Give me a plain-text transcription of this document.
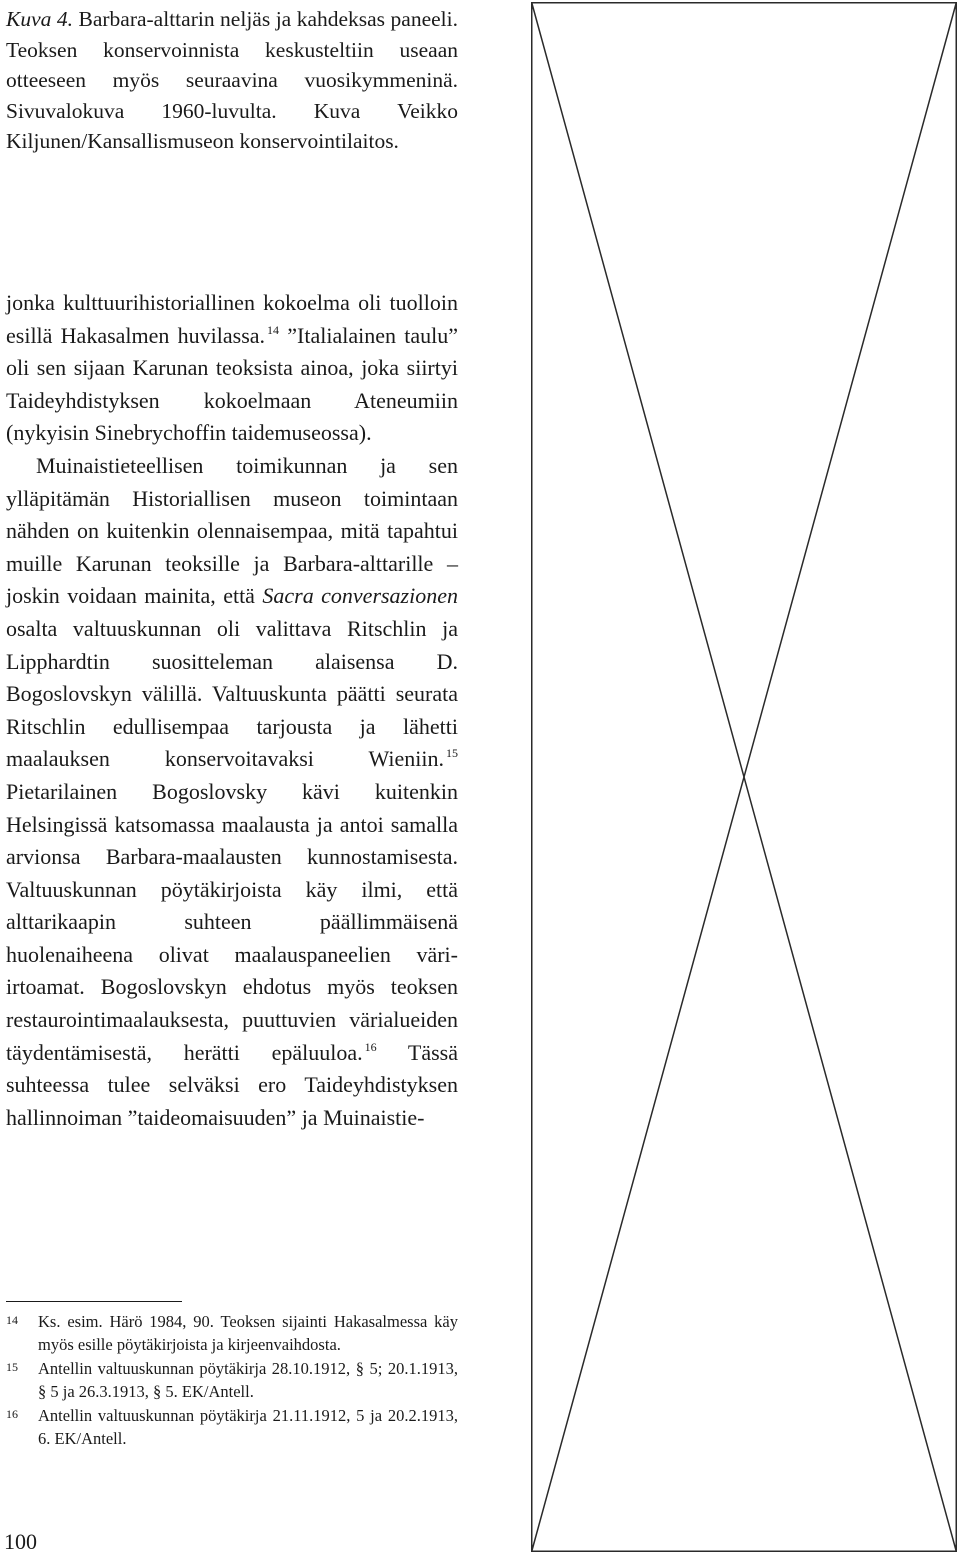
Kuva 4. Barbara-alttarin neljäs ja kahdeksas paneeli. Teoksen konservoinnista keskusteltiin useaan otteeseen myös seuraavina vuosikymmeninä. Sivuvalokuva 1960-luvulta. Kuva Veikko Kiljunen/Kansallismuseon konservointilaitos.

jonka kulttuurihistoriallinen kokoelma oli tuolloin esillä Hakasalmen huvilassa. $^{14}$ ”Italialainen taulu” oli sen sijaan Karunan teoksista ainoa, joka siirtyi Taideyhdistyksen kokoelmaan Ateneumiin (nykyisin Sinebrychoffin taidemuseossa).

Muinaistieteellisen toimikunnan ja sen ylläpitämän Historiallisen museon toimintaan nähden on kuitenkin olennaisempaa, mitä tapahtui muille Karunan teoksille ja Barbara-alttarille – joskin voidaan mainita, että Sacra conversazionen osalta valtuuskunnan oli valittava Ritschlin ja Lipphardtin suositteleman alaisensa D. Bogoslovskyn välillä. Valtuuskunta päätti seurata Ritschlin edullisempaa tarjousta ja lähetti maalauksen konservoitavaksi Wieniin. $^{15}$ Pietarilainen Bogoslovsky kävi kuitenkin Helsingissä katsomassa maalausta ja antoi samalla arvionsa Barbara-maalausten kunnostamisesta. Valtuuskunnan pöytäkirjoista käy ilmi, että alttarikaapin suhteen päällimmäisenä huolenaiheena olivat maalauspaneelien väri-irtoamat. Bogoslovskyn ehdotus myös teoksen restaurointimaalauksesta, puuttuvien värialueiden täydentämisestä, herätti epäluuloa. $^{16}$ Tässä suhteessa tulee selväksi ero Taideyhdistyksen hallinnoiman ”taideomaisuuden” ja Muinaistie-

14 Ks. esim. Härö 1984, 90. Teoksen sijainti Hakasalmessa käy myös esille pöytäkirjoista ja kirjeenvaihdosta.
15 Antellin valtuuskunnan pöytäkirja 28.10.1912, § 5; 20.1.1913, § 5 ja 26.3.1913, § 5. EK/Antell.
16 Antellin valtuuskunnan pöytäkirja 21.11.1912, 5 ja 20.2.1913, 6. EK/Antell.
100
